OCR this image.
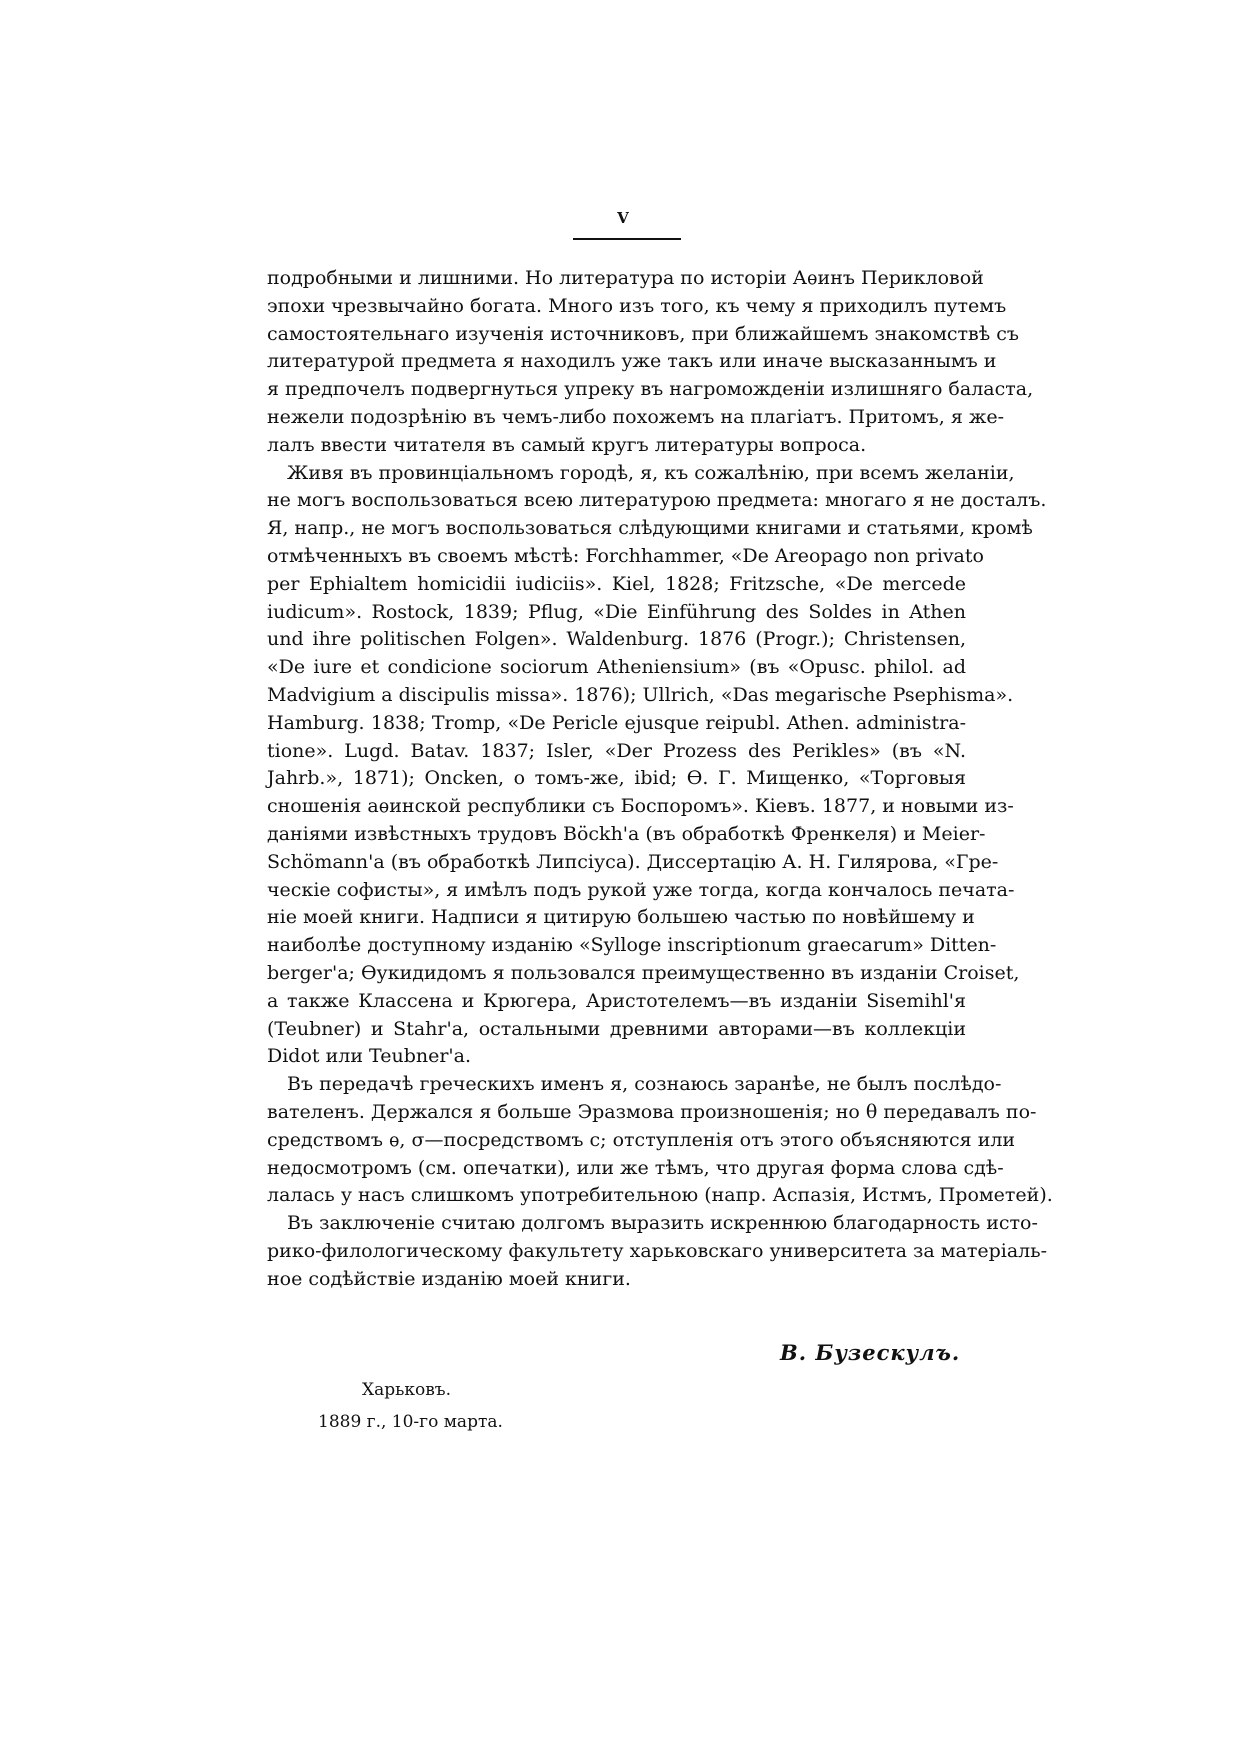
V
подробными и лишними. Но литература по исторіи Аѳинъ Перикловой
эпохи чрезвычайно богата. Много изъ того, къ чему я приходилъ путемъ
самостоятельнаго изученія источниковъ, при ближайшемъ знакомствѣ съ
литературой предмета я находилъ уже такъ или иначе высказаннымъ и
я предпочелъ подвергнуться упреку въ нагроможденіи излишняго баласта,
нежели подозрѣнію въ чемъ-либо похожемъ на плагіатъ. Притомъ, я же-
лалъ ввести читателя въ самый кругъ литературы вопроса.
Живя въ провинціальномъ городѣ, я, къ сожалѣнію, при всемъ желаніи,
не могъ воспользоваться всею литературою предмета: многаго я не досталъ.
Я, напр., не могъ воспользоваться слѣдующими книгами и статьями, кромѣ
отмѣченныхъ въ своемъ мѣстѣ: Forchhammer, «De Areopago non privato
per Ephialtem homicidii iudiciis». Kiel, 1828; Fritzsche, «De mercede
iudicum». Rostock, 1839; Pflug, «Die Einführung des Soldes in Athen
und ihre politischen Folgen». Waldenburg. 1876 (Progr.); Christensen,
«De iure et condicione sociorum Atheniensium» (въ «Opusc. philol. ad
Madvigium a discipulis missa». 1876); Ullrich, «Das megarische Psephisma».
Hamburg. 1838; Tromp, «De Pericle ejusque reipubl. Athen. administra-
tione». Lugd. Batav. 1837; Isler, «Der Prozess des Perikles» (въ «N.
Jahrb.», 1871); Oncken, о томъ-же, ibid; Ѳ. Г. Мищенко, «Торговыя
сношенія аѳинской республики съ Боспоромъ». Кіевъ. 1877, и новыми из-
даніями извѣстныхъ трудовъ Böckh'а (въ обработкѣ Френкеля) и Meier-
Schömann'а (въ обработкѣ Липсіуса). Диссертацію А. Н. Гилярова, «Гре-
ческіе софисты», я имѣлъ подъ рукой уже тогда, когда кончалось печата-
ніе моей книги. Надписи я цитирую большею частью по новѣйшему и
наиболѣе доступному изданію «Sylloge inscriptionum graecarum» Ditten-
berger'а; Ѳукидидомъ я пользовался преимущественно въ изданіи Croiset,
а также Классена и Крюгера, Аристотелемъ—въ изданіи Sisemihl'я
(Teubner) и Stahr'а, остальными древними авторами—въ коллекціи
Didot или Teubner'а.
Въ передачѣ греческихъ именъ я, сознаюсь заранѣе, не былъ послѣдо-
вателенъ. Держался я больше Эразмова произношенія; но θ передавалъ по-
средствомъ ѳ, σ—посредствомъ с; отступленія отъ этого объясняются или
недосмотромъ (см. опечатки), или же тѣмъ, что другая форма слова сдѣ-
лалась у насъ слишкомъ употребительною (напр. Аспазія, Истмъ, Прометей).
Въ заключеніе считаю долгомъ выразить искреннюю благодарность исто-
рико-филологическому факультету харьковскаго университета за матеріаль-
ное содѣйствіе изданію моей книги.
В. Бузескулъ.
Харьковъ.
1889 г., 10-го марта.
